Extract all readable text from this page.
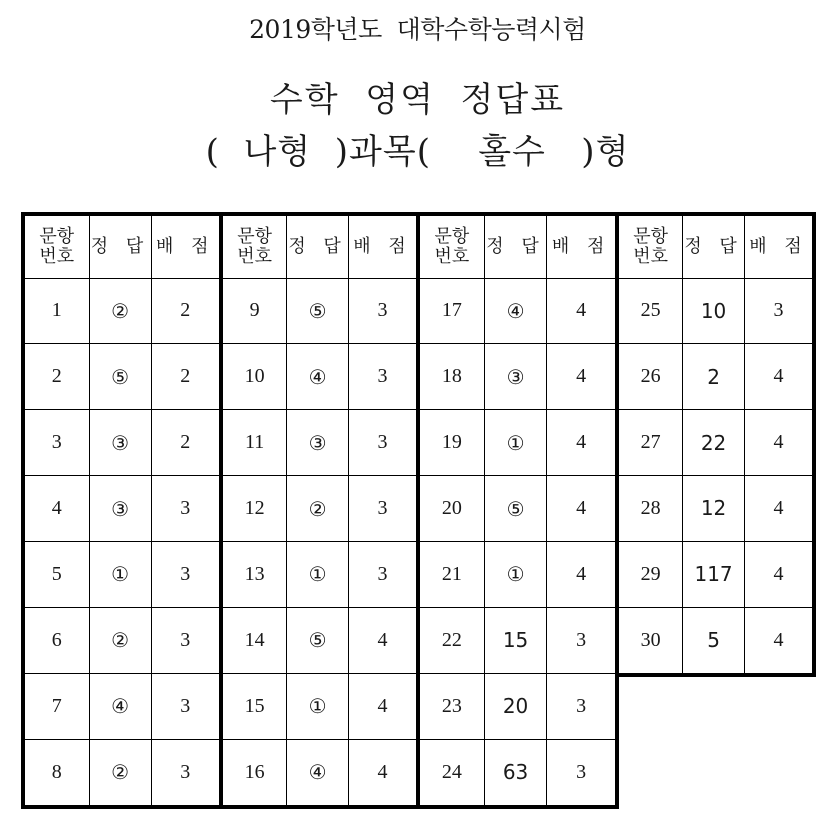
2019학년도  대학수학능력시험
수학  영역  정답표
(  나형  )과목(    홀수   )형
문항
번호	정 답	배 점
1	②	2
2	⑤	2
3	③	2
4	③	3
5	①	3
6	②	3
7	④	3
8	②	3
문항
번호	정 답	배 점
9	⑤	3
10	④	3
11	③	3
12	②	3
13	①	3
14	⑤	4
15	①	4
16	④	4
문항
번호	정 답	배 점
17	④	4
18	③	4
19	①	4
20	⑤	4
21	①	4
22	15	3
23	20	3
24	63	3
문항
번호	정 답	배 점
25	10	3
26	2	4
27	22	4
28	12	4
29	117	4
30	5	4
